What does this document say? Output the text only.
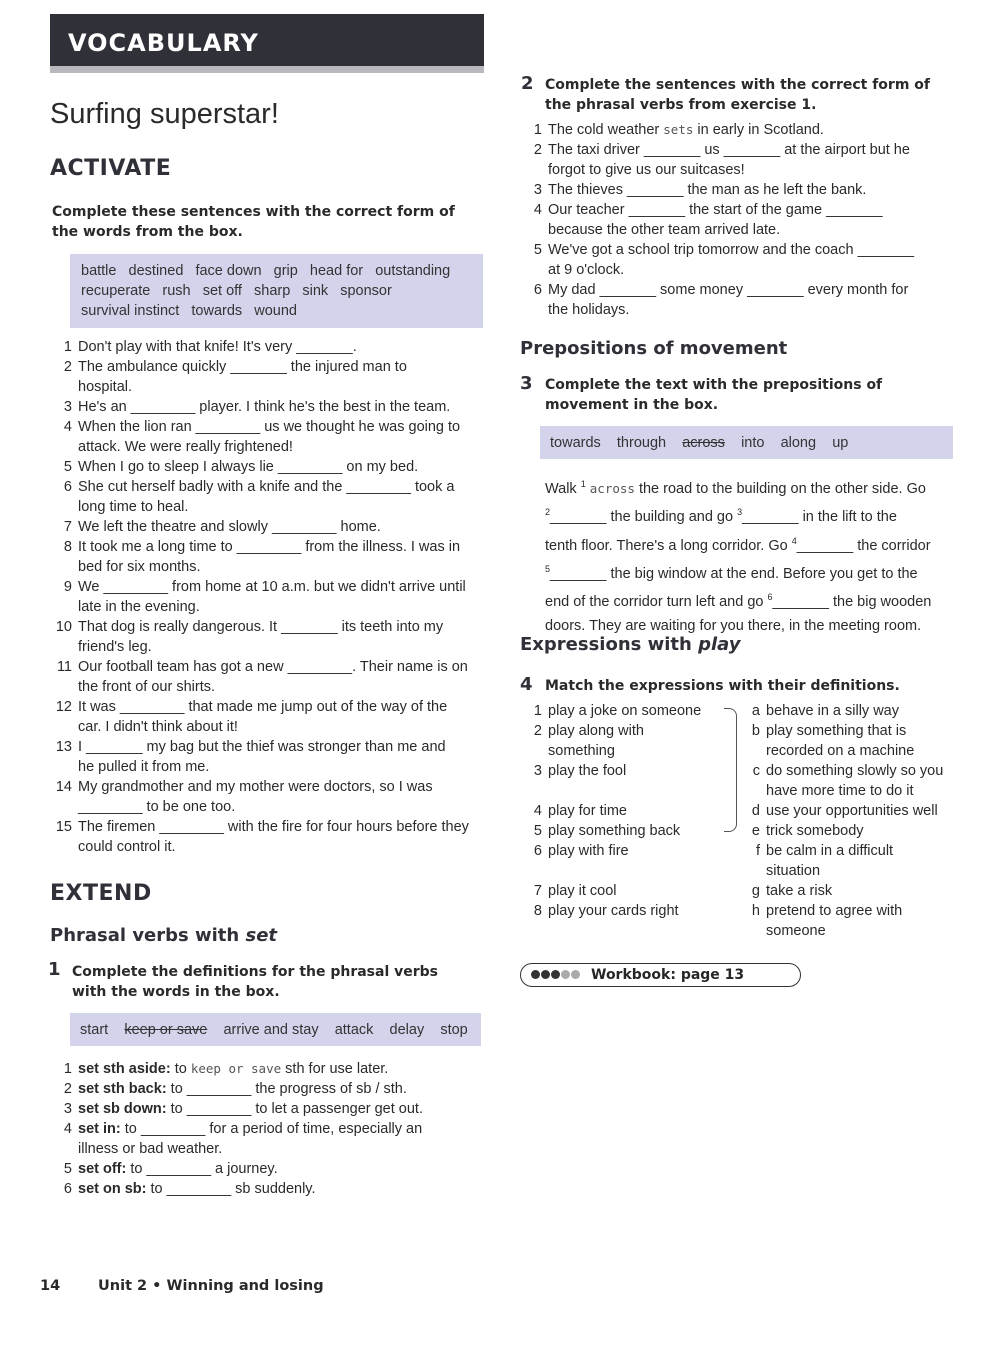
VOCABULARY
Surfing superstar!
ACTIVATE
Complete these sentences with the correct form of the words from the box.
battle   destined   face down   grip   head for   outstanding
recuperate   rush   set off   sharp   sink   sponsor
survival instinct   towards   wound
1 Don't play with that knife! It's very _______.
2 The ambulance quickly _______ the injured man to
hospital.
3 He's an ________ player. I think he's the best in the team.
4 When the lion ran ________ us we thought he was going to
attack. We were really frightened!
5 When I go to sleep I always lie ________ on my bed.
6 She cut herself badly with a knife and the ________ took a
long time to heal.
7 We left the theatre and slowly ________ home.
8 It took me a long time to ________ from the illness. I was in
bed for six months.
9 We ________ from home at 10 a.m. but we didn't arrive until
late in the evening.
10 That dog is really dangerous. It _______ its teeth into my
friend's leg.
11 Our football team has got a new ________. Their name is on
the front of our shirts.
12 It was ________ that made me jump out of the way of the
car. I didn't think about it!
13 I _______ my bag but the thief was stronger than me and
he pulled it from me.
14 My grandmother and my mother were doctors, so I was
________ to be one too.
15 The firemen ________ with the fire for four hours before they
could control it.
EXTEND
Phrasal verbs with set
1 Complete the definitions for the phrasal verbs with the words in the box.
start keep or save arrive and stay attack delay stop
1 set sth aside: to keep or save sth for use later.
2 set sth back: to ________ the progress of sb / sth.
3 set sb down: to ________ to let a passenger get out.
4 set in: to ________ for a period of time, especially an
illness or bad weather.
5 set off: to ________ a journey.
6 set on sb: to ________ sb suddenly.
2 Complete the sentences with the correct form of the phrasal verbs from exercise 1.
1 The cold weather sets in early in Scotland.
2 The taxi driver _______ us _______ at the airport but he
forgot to give us our suitcases!
3 The thieves _______ the man as he left the bank.
4 Our teacher _______ the start of the game _______
because the other team arrived late.
5 We've got a school trip tomorrow and the coach _______
at 9 o'clock.
6 My dad _______ some money _______ every month for
the holidays.
Prepositions of movement
3 Complete the text with the prepositions of movement in the box.
towards through across into along up
Walk $^1$ across the road to the building on the other side. Go
$^2$_______ the building and go $^3$_______ in the lift to the
tenth floor. There's a long corridor. Go $^4$_______ the corridor
$^5$_______ the big window at the end. Before you get to the
end of the corridor turn left and go $^6$_______ the big wooden
doors. They are waiting for you there, in the meeting room.
Expressions with play
4 Match the expressions with their definitions.
1 play a joke on someone
2 play along with
something
3 play the fool
4 play for time
5 play something back
6 play with fire
7 play it cool
8 play your cards right
a behave in a silly way
b play something that is
recorded on a machine
c do something slowly so you
have more time to do it
d use your opportunities well
e trick somebody
f be calm in a difficult
situation
g take a risk
h pretend to agree with
someone
Workbook: page 13
14	Unit 2 • Winning and losing
